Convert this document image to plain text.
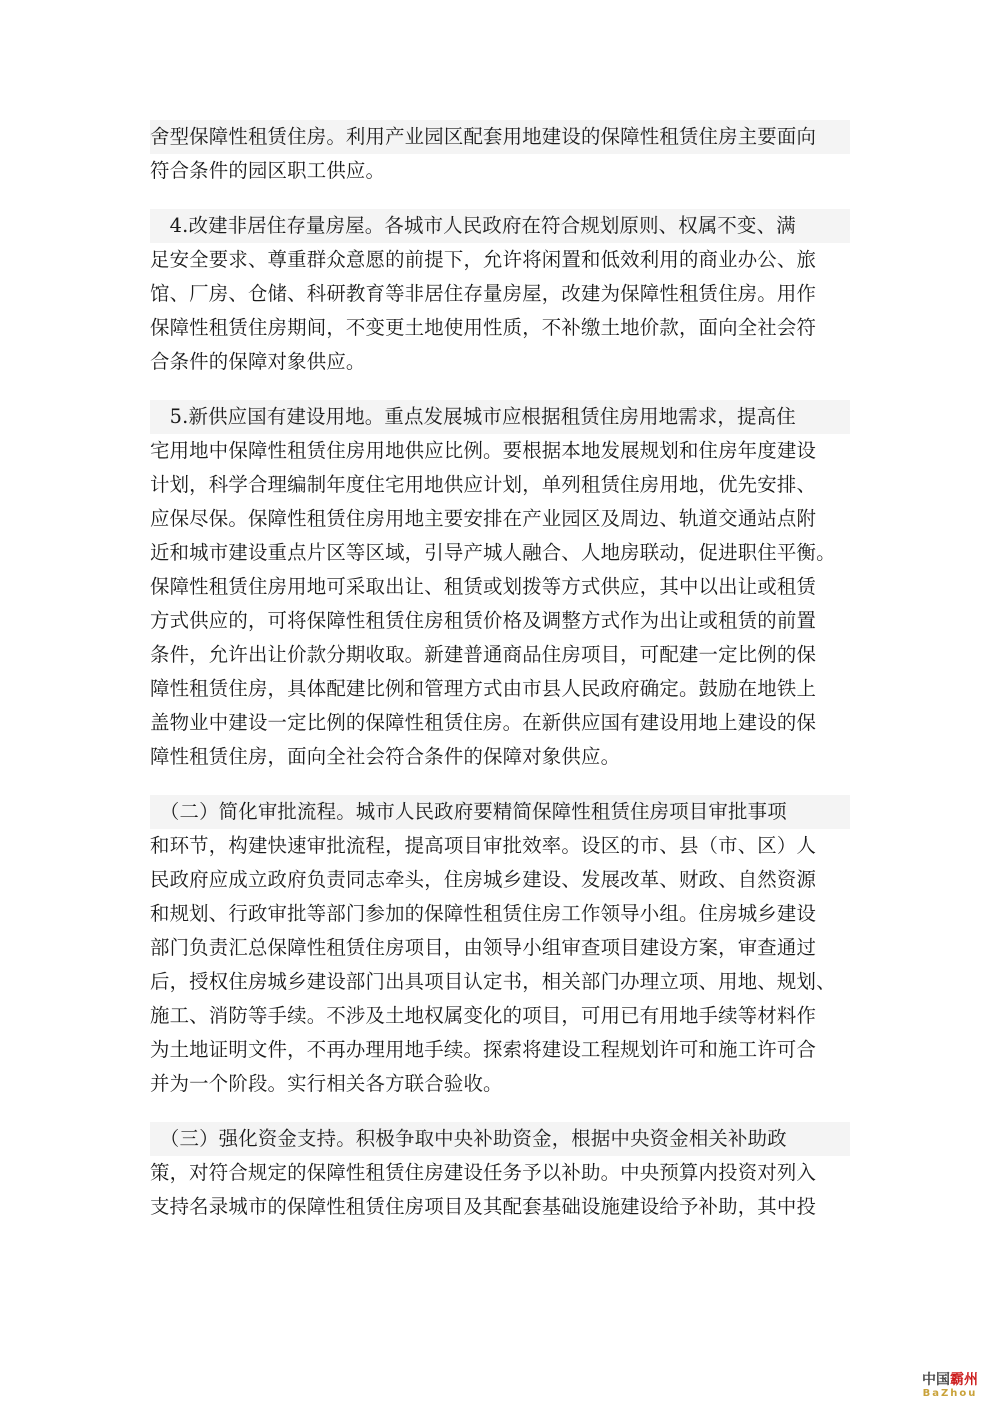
舍型保障性租赁住房。利用产业园区配套用地建设的保障性租赁住房主要面向
符合条件的园区职工供应。
　4.改建非居住存量房屋。各城市人民政府在符合规划原则、权属不变、满
足安全要求、尊重群众意愿的前提下，允许将闲置和低效利用的商业办公、旅
馆、厂房、仓储、科研教育等非居住存量房屋，改建为保障性租赁住房。用作
保障性租赁住房期间，不变更土地使用性质，不补缴土地价款，面向全社会符
合条件的保障对象供应。
　5.新供应国有建设用地。重点发展城市应根据租赁住房用地需求，提高住
宅用地中保障性租赁住房用地供应比例。要根据本地发展规划和住房年度建设
计划，科学合理编制年度住宅用地供应计划，单列租赁住房用地，优先安排、
应保尽保。保障性租赁住房用地主要安排在产业园区及周边、轨道交通站点附
近和城市建设重点片区等区域，引导产城人融合、人地房联动，促进职住平衡。
保障性租赁住房用地可采取出让、租赁或划拨等方式供应，其中以出让或租赁
方式供应的，可将保障性租赁住房租赁价格及调整方式作为出让或租赁的前置
条件，允许出让价款分期收取。新建普通商品住房项目，可配建一定比例的保
障性租赁住房，具体配建比例和管理方式由市县人民政府确定。鼓励在地铁上
盖物业中建设一定比例的保障性租赁住房。在新供应国有建设用地上建设的保
障性租赁住房，面向全社会符合条件的保障对象供应。
　（二）简化审批流程。城市人民政府要精简保障性租赁住房项目审批事项
和环节，构建快速审批流程，提高项目审批效率。设区的市、县（市、区）人
民政府应成立政府负责同志牵头，住房城乡建设、发展改革、财政、自然资源
和规划、行政审批等部门参加的保障性租赁住房工作领导小组。住房城乡建设
部门负责汇总保障性租赁住房项目，由领导小组审查项目建设方案，审查通过
后，授权住房城乡建设部门出具项目认定书，相关部门办理立项、用地、规划、
施工、消防等手续。不涉及土地权属变化的项目，可用已有用地手续等材料作
为土地证明文件，不再办理用地手续。探索将建设工程规划许可和施工许可合
并为一个阶段。实行相关各方联合验收。
　（三）强化资金支持。积极争取中央补助资金，根据中央资金相关补助政
策，对符合规定的保障性租赁住房建设任务予以补助。中央预算内投资对列入
支持名录城市的保障性租赁住房项目及其配套基础设施建设给予补助，其中投
中国霸州
BaZhou
